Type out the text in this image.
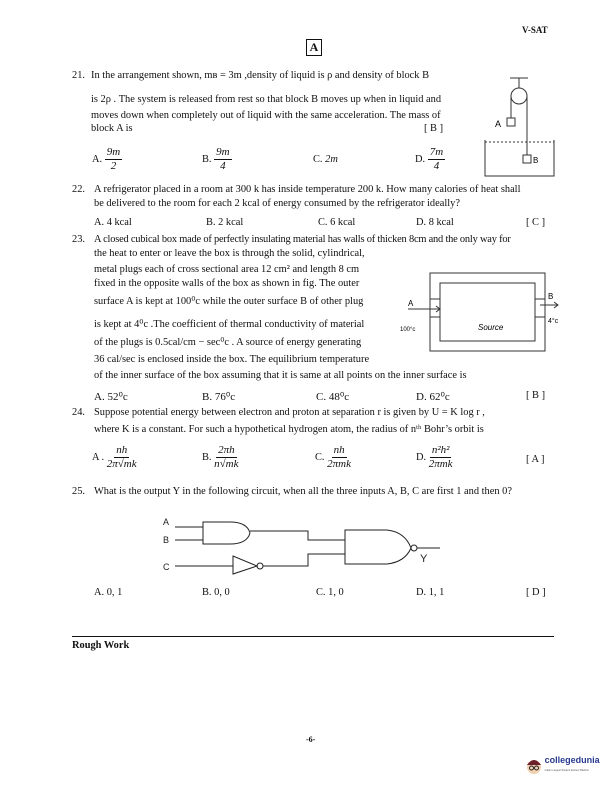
V-SAT
A
21. In the arrangement shown, mʙ = 3m ,density of liquid is ρ and density of block B
is 2ρ . The system is released from rest so that block B moves up when in liquid and
moves down when completely out of liquid with the same acceleration. The mass of
block A is	[ B ]
A. $\frac{9m}{2}$	B. $\frac{9m}{4}$	C. 2m	D. $\frac{7m}{4}$
A
B
22. A refrigerator placed in a room at 300 k has inside temperature 200 k. How many calories of heat shall
be delivered to the room for each 2 kcal of energy consumed by the refrigerator ideally?
A. 4 kcal	B. 2 kcal	C. 6 kcal	D. 8 kcal	[ C ]
23. A closed cubical box made of perfectly insulating material has walls of thicken 8cm and the only way for
the heat to enter or leave the box is through the solid, cylindrical,
metal plugs each of cross sectional area 12 cm² and length 8 cm
fixed in the opposite walls of the box as shown in fig. The outer
surface A is kept at 100⁰c while the outer surface B of other plug
is kept at 4⁰c .The coefficient of thermal conductivity of material
of the plugs is 0.5cal/cm − sec⁰c . A source of energy generating
36 cal/sec is enclosed inside the box. The equilibrium temperature
of the inner surface of the box assuming that it is same at all points on the inner surface is
A
B
100°c
4°c
Source
A. 52⁰c	B. 76⁰c	C. 48⁰c	D. 62⁰c	[ B ]
24. Suppose potential energy between electron and proton at separation r is given by U = K log r ,
where K is a constant. For such a hypothetical hydrogen atom, the radius of nᵗʰ Bohr’s orbit is
A . $\frac{nh}{2\pi√mk}$	B. $\frac{2\pi h}{n√mk}$	C.
nh
2πmk
D.
n²h²
2πmk	[ A ]
25. What is the output Y in the following circuit, when all the three inputs A, B, C are first 1 and then 0?
A
B
C
Y
A. 0, 1	B. 0, 0	C. 1, 0	D. 1, 1	[ D ]
Rough Work
-6-
collegedunia
India's Largest Student Review Platform
